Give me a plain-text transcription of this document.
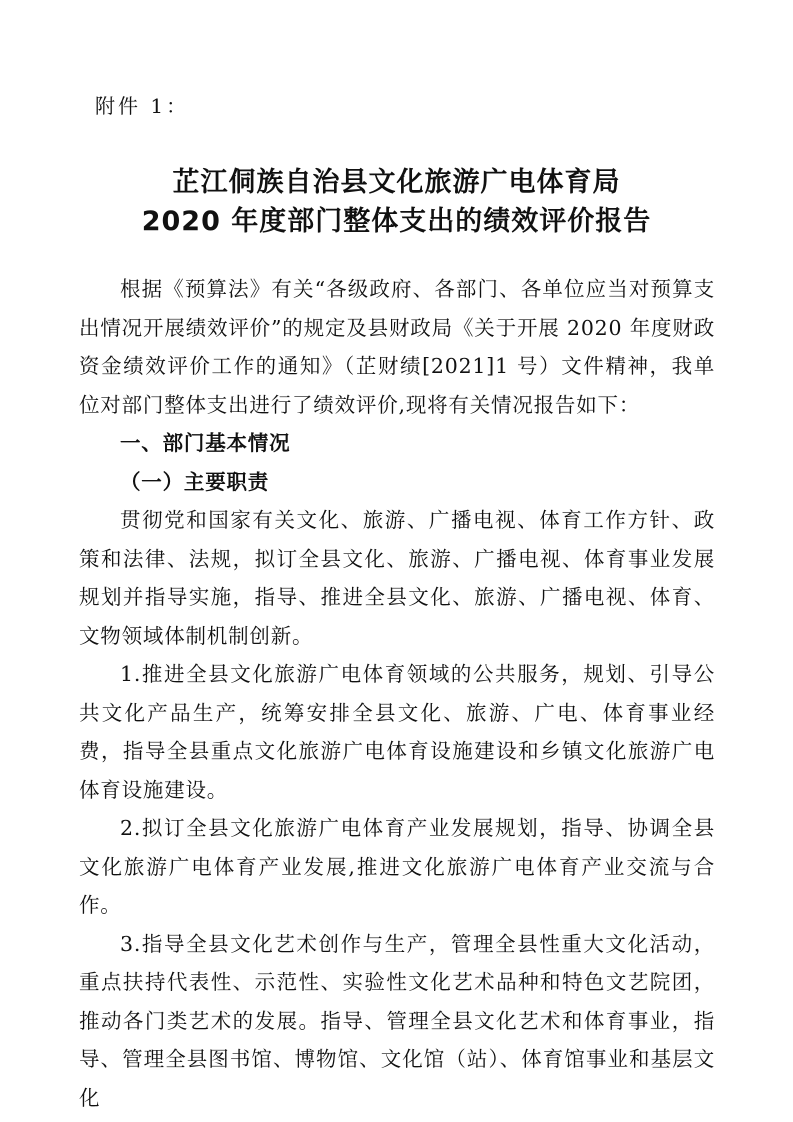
附件 1：
芷江侗族自治县文化旅游广电体育局
2020 年度部门整体支出的绩效评价报告

根据《预算法》有关“各级政府、各部门、各单位应当对预算支出情况开展绩效评价”的规定及县财政局《关于开展 2020 年度财政资金绩效评价工作的通知》（芷财绩[2021]1 号）文件精神，我单位对部门整体支出进行了绩效评价,现将有关情况报告如下：

一、部门基本情况
（一）主要职责

贯彻党和国家有关文化、旅游、广播电视、体育工作方针、政策和法律、法规，拟订全县文化、旅游、广播电视、体育事业发展规划并指导实施，指导、推进全县文化、旅游、广播电视、体育、文物领域体制机制创新。

1.推进全县文化旅游广电体育领域的公共服务，规划、引导公共文化产品生产，统筹安排全县文化、旅游、广电、体育事业经费，指导全县重点文化旅游广电体育设施建设和乡镇文化旅游广电体育设施建设。

2.拟订全县文化旅游广电体育产业发展规划，指导、协调全县文化旅游广电体育产业发展,推进文化旅游广电体育产业交流与合作。

3.指导全县文化艺术创作与生产，管理全县性重大文化活动，重点扶持代表性、示范性、实验性文化艺术品种和特色文艺院团，推动各门类艺术的发展。指导、管理全县文化艺术和体育事业，指导、管理全县图书馆、博物馆、文化馆（站）、体育馆事业和基层文化
